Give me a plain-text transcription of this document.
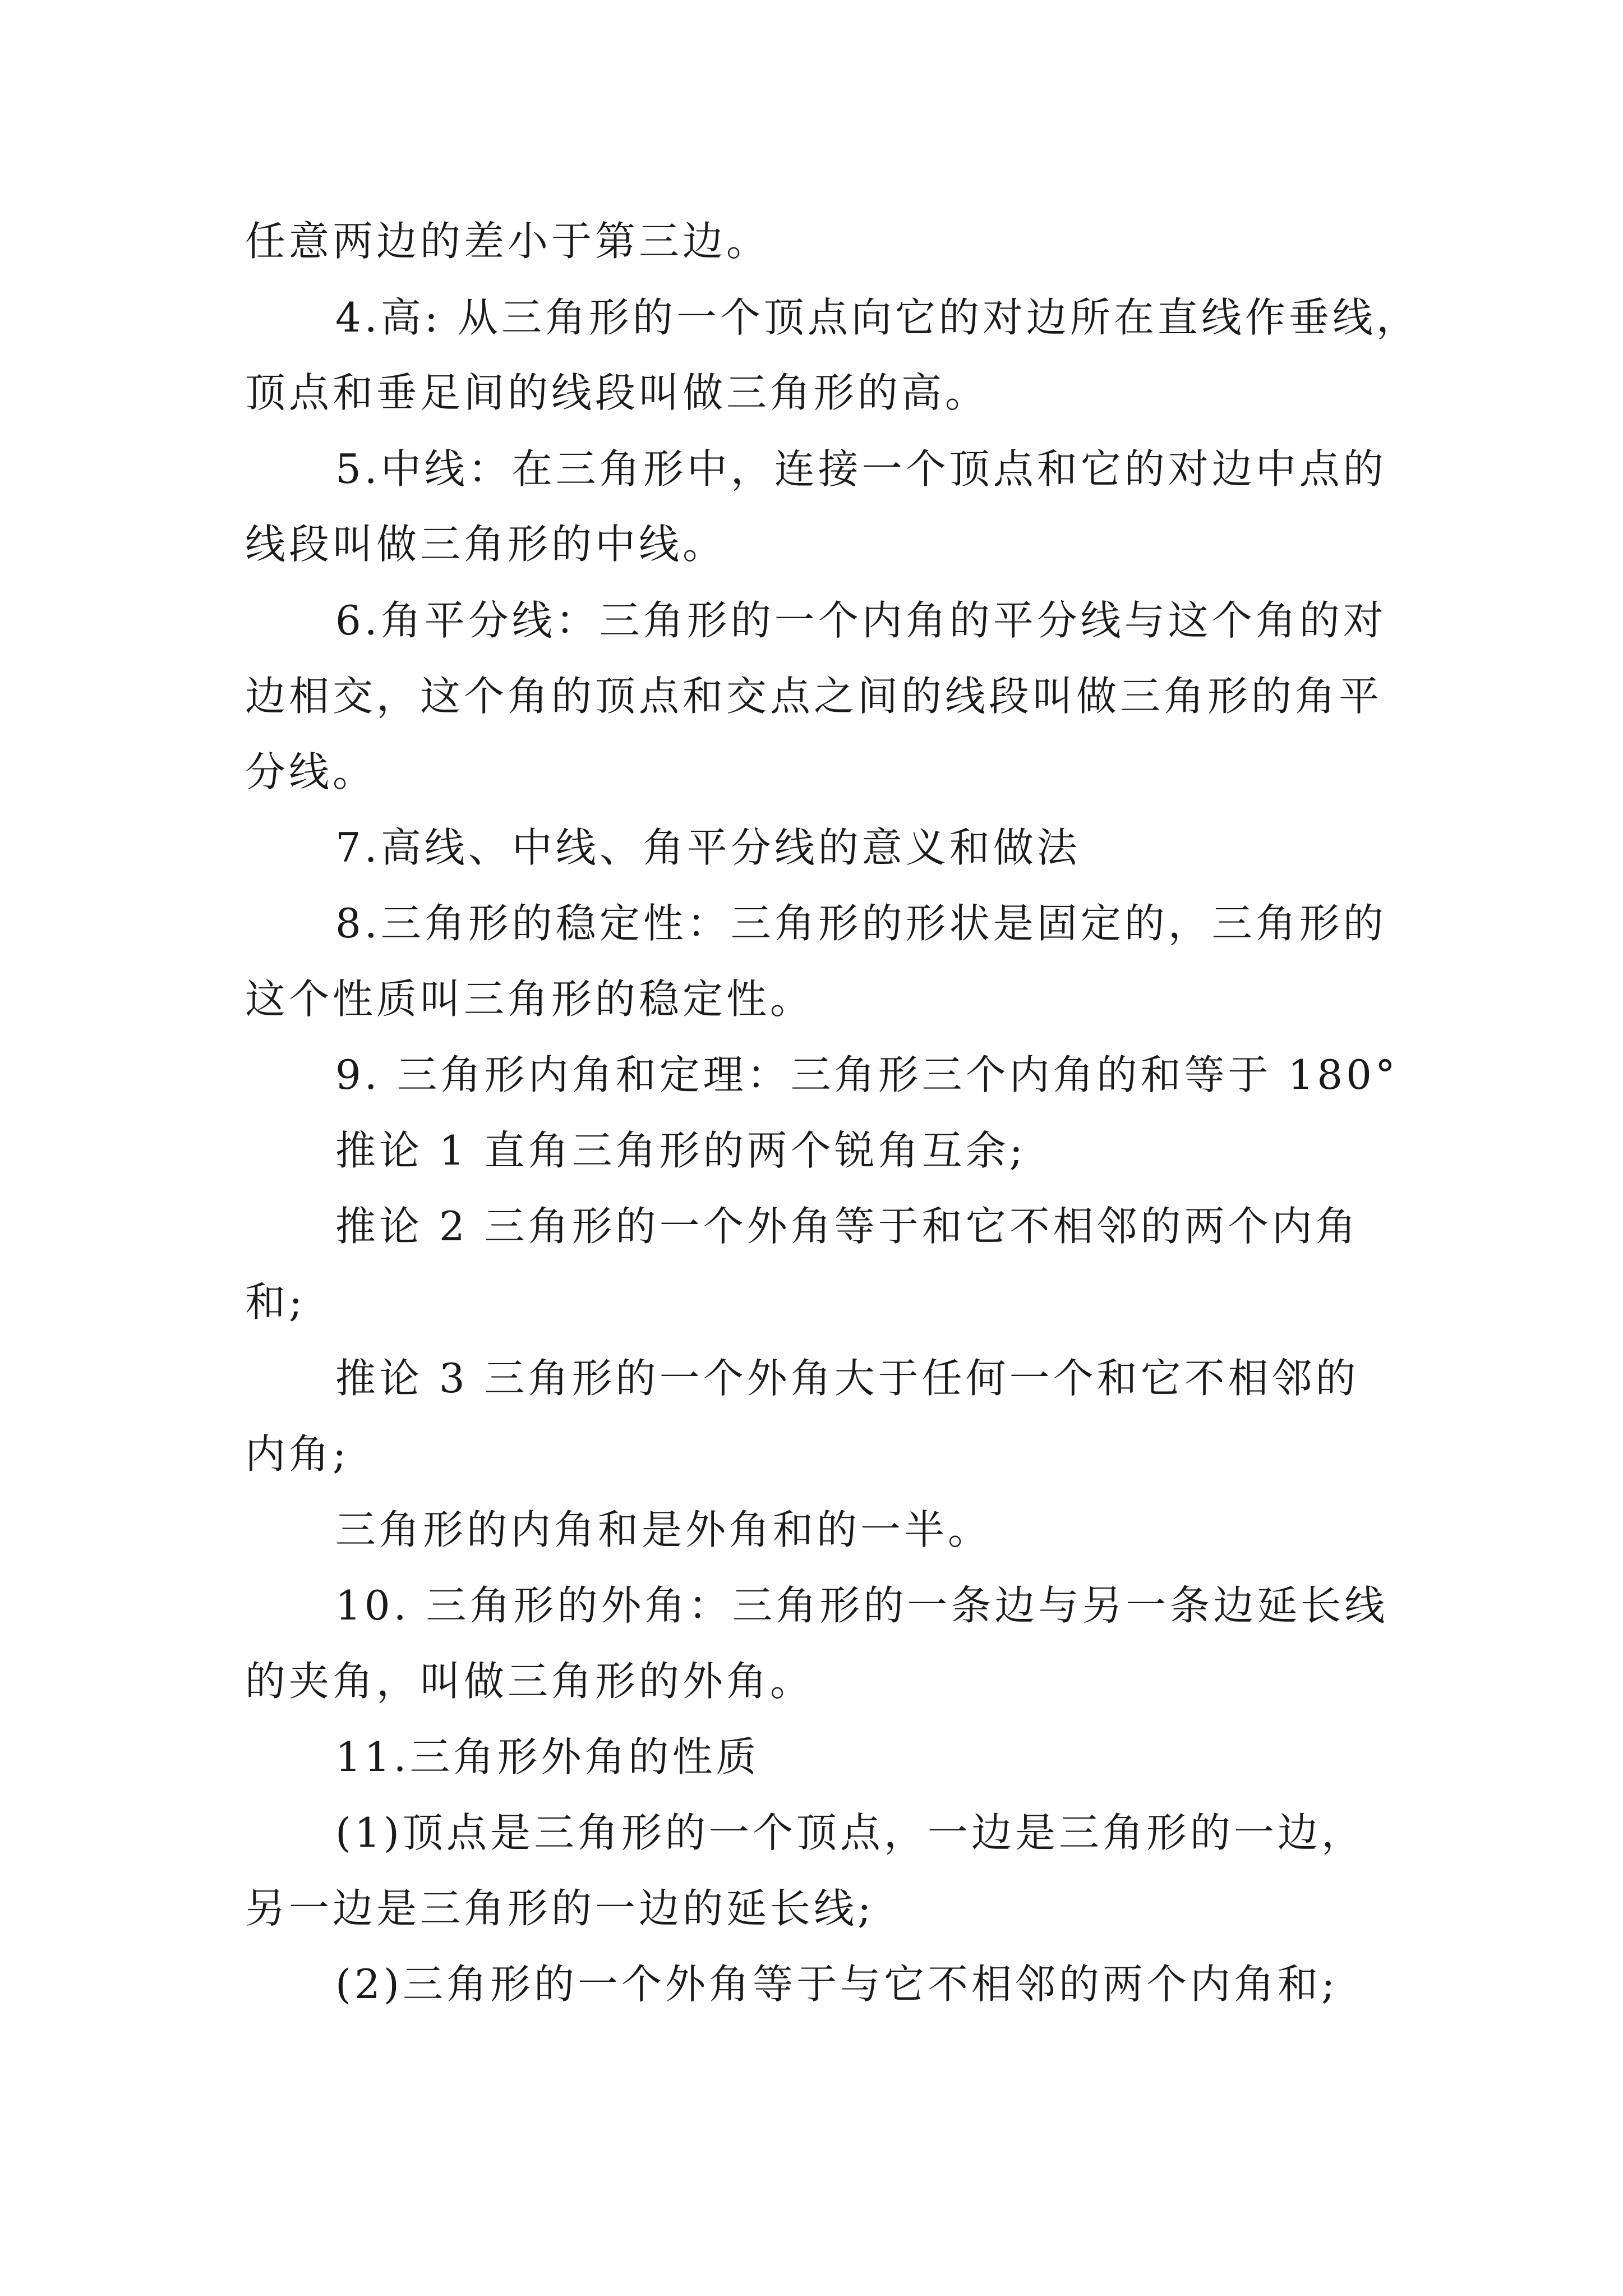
任意两边的差小于第三边。
4.高: 从三角形的一个顶点向它的对边所在直线作垂线，
顶点和垂足间的线段叫做三角形的高。
5.中线：在三角形中，连接一个顶点和它的对边中点的
线段叫做三角形的中线。
6.角平分线：三角形的一个内角的平分线与这个角的对
边相交，这个角的顶点和交点之间的线段叫做三角形的角平
分线。
7.高线、中线、角平分线的意义和做法
8.三角形的稳定性：三角形的形状是固定的，三角形的
这个性质叫三角形的稳定性。
9. 三角形内角和定理：三角形三个内角的和等于 180°
推论 1 直角三角形的两个锐角互余;
推论 2 三角形的一个外角等于和它不相邻的两个内角
和;
推论 3 三角形的一个外角大于任何一个和它不相邻的
内角;
三角形的内角和是外角和的一半。
10. 三角形的外角：三角形的一条边与另一条边延长线
的夹角，叫做三角形的外角。
11.三角形外角的性质
(1)顶点是三角形的一个顶点，一边是三角形的一边，
另一边是三角形的一边的延长线;
(2)三角形的一个外角等于与它不相邻的两个内角和;
